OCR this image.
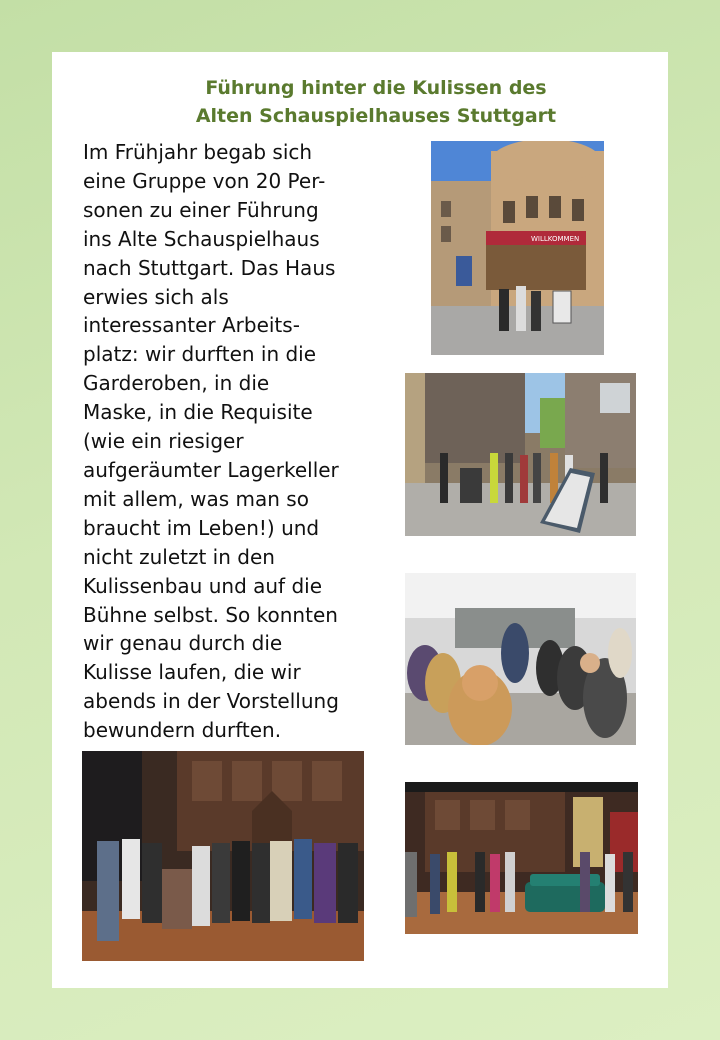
Führung hinter die Kulissen des
Alten Schauspielhauses Stuttgart
Im Frühjahr begab sich
eine Gruppe von 20 Per-
sonen zu einer Führung
ins Alte Schauspielhaus
nach Stuttgart. Das Haus
erwies sich als
interessanter Arbeits-
platz: wir durften in die
Garderoben, in die
Maske, in die Requisite
(wie ein riesiger
aufgeräumter Lagerkeller
mit allem, was man so
braucht im Leben!) und
nicht zuletzt in den
Kulissenbau und auf die
Bühne selbst. So konnten
wir genau durch die
Kulisse laufen, die wir
abends in der Vorstellung
bewundern durften.
WILLKOMMEN
